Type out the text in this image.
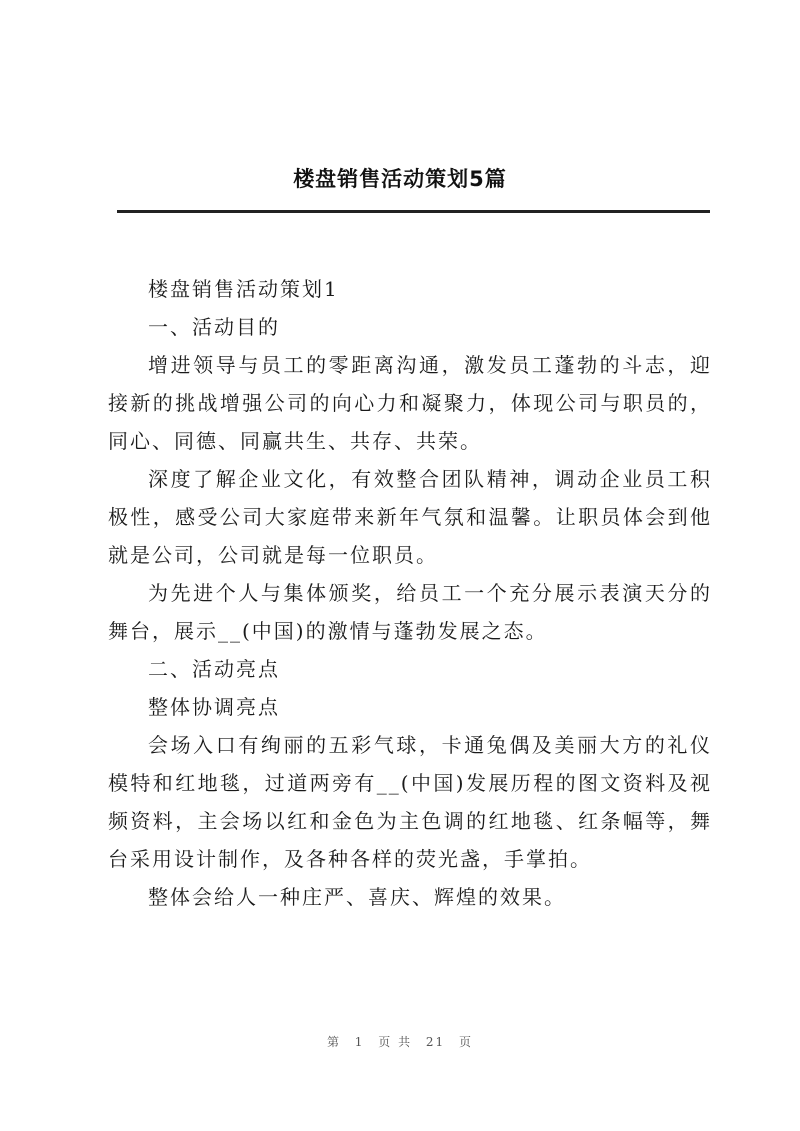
楼盘销售活动策划5篇

楼盘销售活动策划1

一、活动目的

增进领导与员工的零距离沟通，激发员工蓬勃的斗志，迎接新的挑战增强公司的向心力和凝聚力，体现公司与职员的，同心、同德、同赢共生、共存、共荣。

深度了解企业文化，有效整合团队精神，调动企业员工积极性，感受公司大家庭带来新年气氛和温馨。让职员体会到他就是公司，公司就是每一位职员。

为先进个人与集体颁奖，给员工一个充分展示表演天分的舞台，展示__(中国)的激情与蓬勃发展之态。

二、活动亮点

整体协调亮点

会场入口有绚丽的五彩气球，卡通兔偶及美丽大方的礼仪模特和红地毯，过道两旁有__(中国)发展历程的图文资料及视频资料，主会场以红和金色为主色调的红地毯、红条幅等，舞台采用设计制作，及各种各样的荧光盏，手掌拍。

整体会给人一种庄严、喜庆、辉煌的效果。

第 1 页 共 21 页
